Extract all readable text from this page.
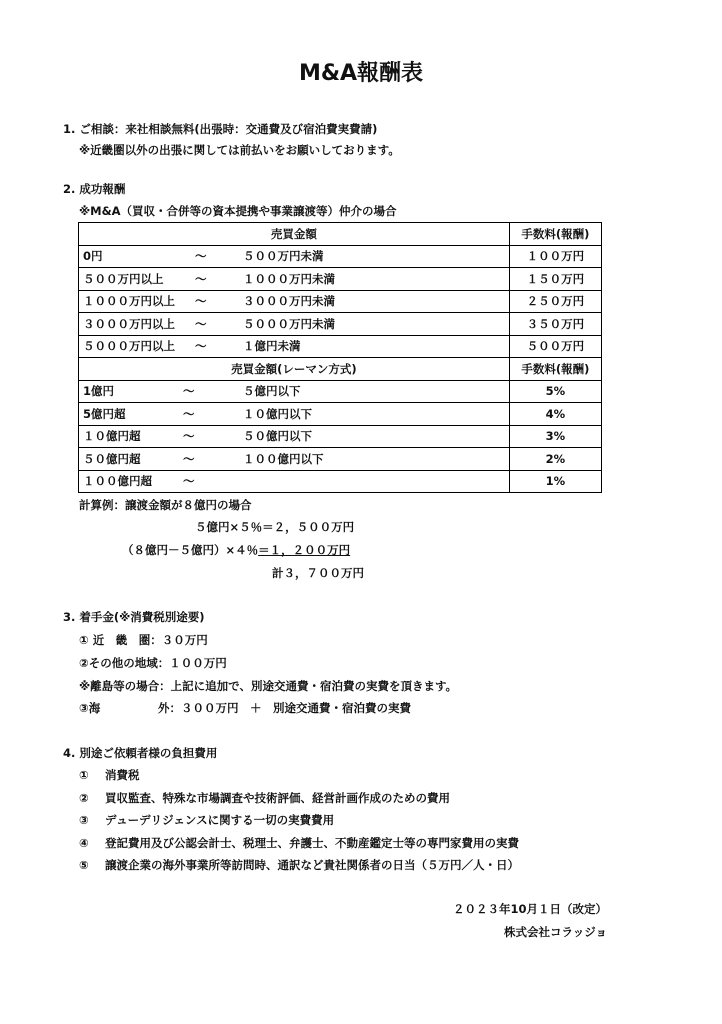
M&A報酬表
1. ご相談：来社相談無料(出張時：交通費及び宿泊費実費請)
※近畿圏以外の出張に関しては前払いをお願いしております。
2. 成功報酬
※M&A（買収・合併等の資本提携や事業譲渡等）仲介の場合
売買金額	手数料(報酬)

0円 ～ ５００万円未満	１００万円

５００万円以上 ～ １０００万円未満	１５０万円

１０００万円以上 ～ ３０００万円未満	２５０万円

３０００万円以上 ～ ５０００万円未満	３５０万円

５０００万円以上 ～ １億円未満	５００万円
売買金額(レーマン方式)	手数料(報酬)

1億円 ～ ５億円以下	5%

5億円超 ～ １０億円以下	4%

１０億円超 ～ ５０億円以下	3%

５０億円超 ～ １００億円以下	2%

１００億円超 ～	1%
計算例：譲渡金額が８億円の場合
５億円×５％＝２，５００万円
（８億円－５億円）×４％＝１，２００万円
計３，７００万円
3. 着手金(※消費税別途要)
① 近　畿　圏：３０万円
②その他の地域：１００万円
※離島等の場合：上記に追加で、別途交通費・宿泊費の実費を頂きます。
③海	外：３００万円　＋　別途交通費・宿泊費の実費
4. 別途ご依頼者様の負担費用
① 消費税
② 買収監査、特殊な市場調査や技術評価、経営計画作成のための費用
③ デューデリジェンスに関する一切の実費費用
④ 登記費用及び公認会計士、税理士、弁護士、不動産鑑定士等の専門家費用の実費
⑤ 譲渡企業の海外事業所等訪問時、通訳など貴社関係者の日当（５万円／人・日）
２０２３年10月１日（改定）
株式会社コラッジョ
